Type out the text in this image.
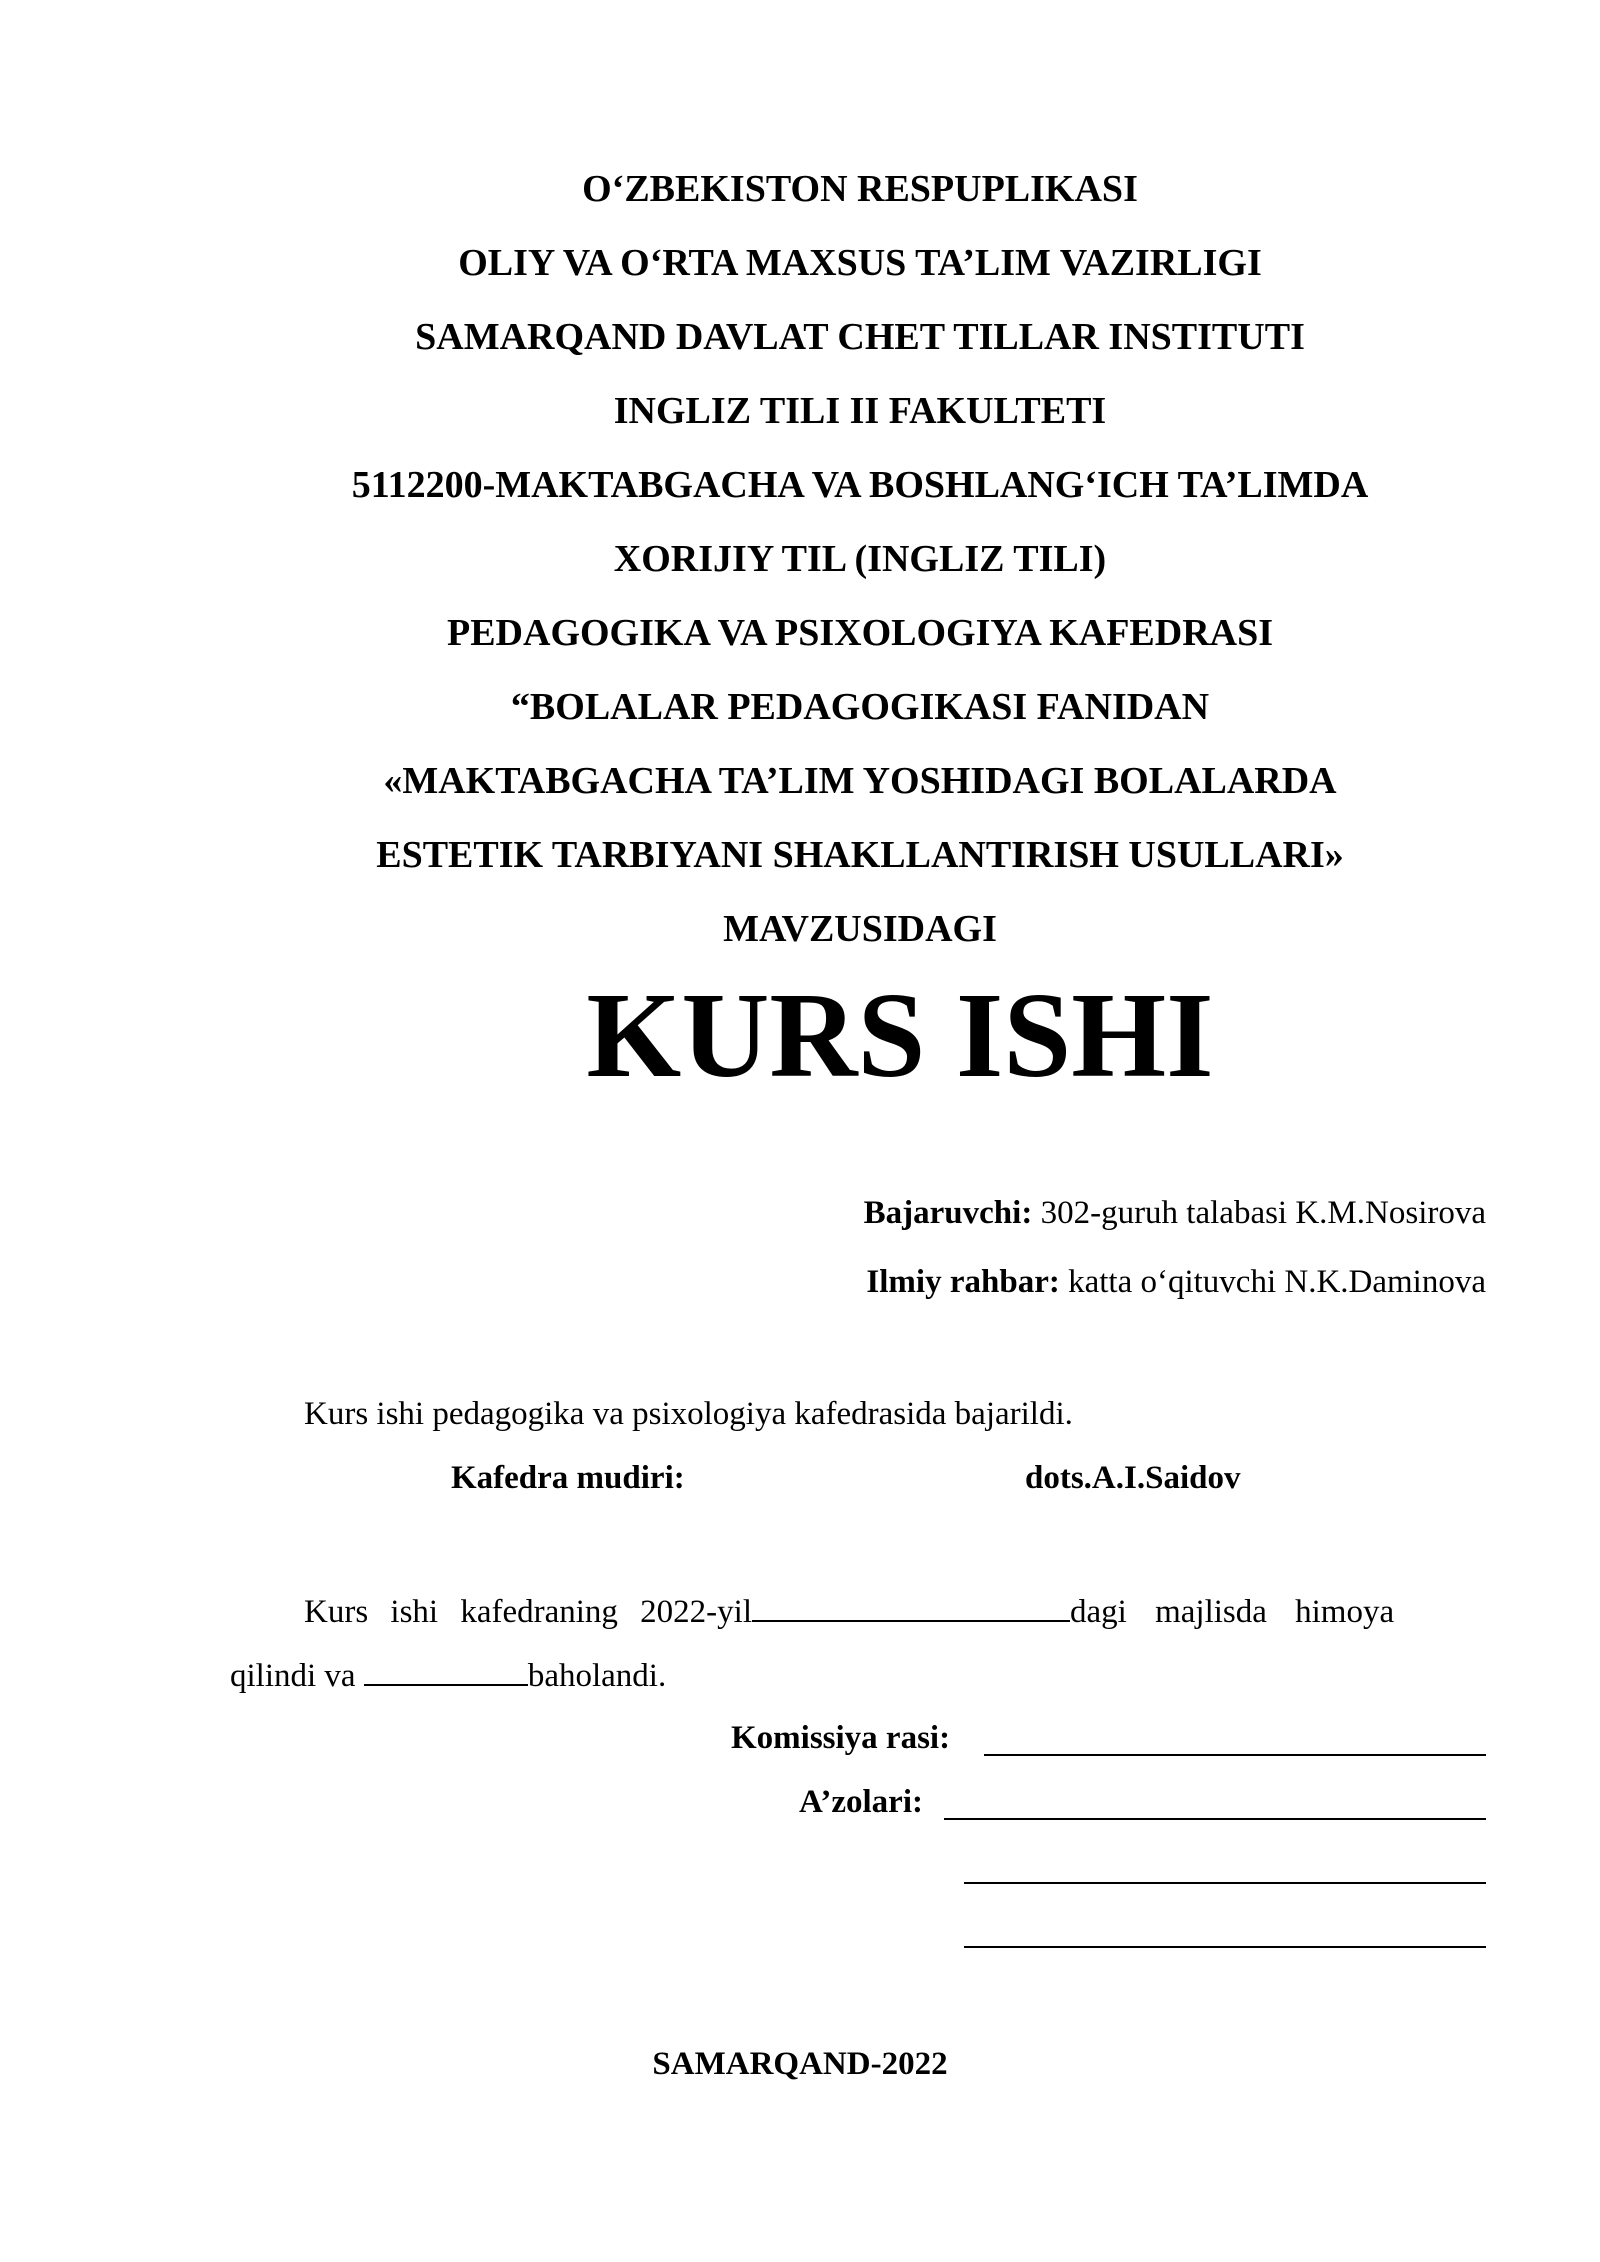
O‘ZBEKISTON RESPUPLIKASI
OLIY VA O‘RTA MAXSUS TA’LIM VAZIRLIGI
SAMARQAND DAVLAT CHET TILLAR INSTITUTI
INGLIZ TILI II FAKULTETI
5112200-MAKTABGACHA VA BOSHLANG‘ICH TA’LIMDA
XORIJIY TIL (INGLIZ TILI)
PEDAGOGIKA VA PSIXOLOGIYA KAFEDRASI
“BOLALAR PEDAGOGIKASI FANIDAN
«MAKTABGACHA TA’LIM YOSHIDAGI BOLALARDA
ESTETIK TARBIYANI SHAKLLANTIRISH USULLARI»
MAVZUSIDAGI
KURS ISHI
Bajaruvchi: 302-guruh talabasi K.M.Nosirova
Ilmiy rahbar: katta o‘qituvchi N.K.Daminova
Kurs ishi pedagogika va psixologiya kafedrasida bajarildi.
Kafedra mudiri:	dots.A.I.Saidov
Kurs ishi kafedraning 2022-yil	dagi majlisda himoya
qilindi va	baholandi.
Komissiya rasi:
A’zolari:
SAMARQAND-2022
